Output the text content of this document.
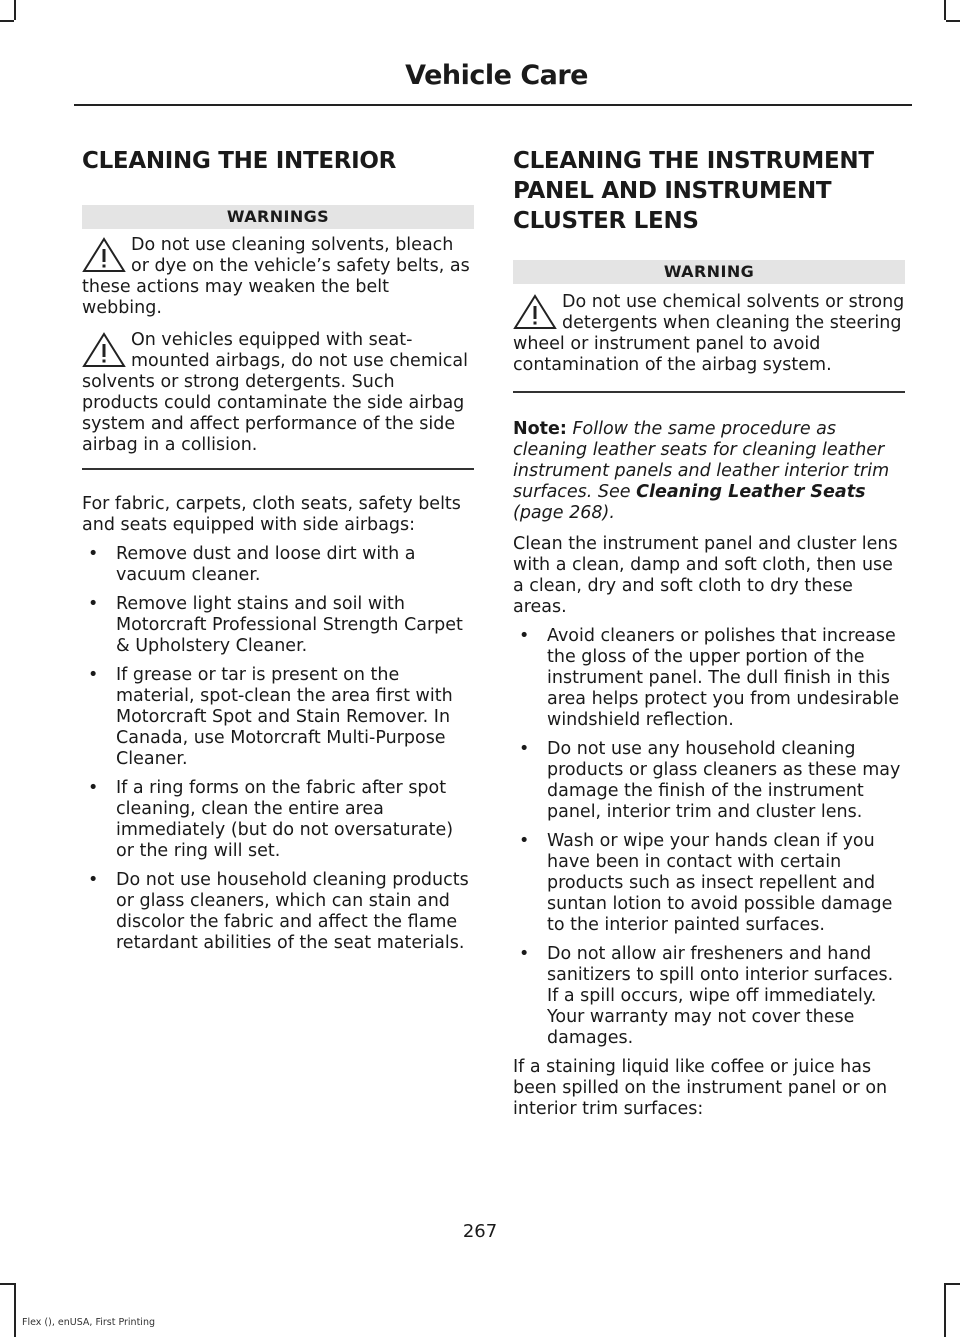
Vehicle Care
CLEANING THE INTERIOR
WARNINGS
Do not use cleaning solvents, bleach or dye on the vehicle’s safety belts, as these actions may weaken the belt webbing.
On vehicles equipped with seat-mounted airbags, do not use chemical solvents or strong detergents. Such products could contaminate the side airbag system and affect performance of the side airbag in a collision.

For fabric, carpets, cloth seats, safety belts and seats equipped with side airbags:

• Remove dust and loose dirt with a vacuum cleaner.
• Remove light stains and soil with Motorcraft Professional Strength Carpet & Upholstery Cleaner.
• If grease or tar is present on the material, spot-clean the area first with Motorcraft Spot and Stain Remover. In Canada, use Motorcraft Multi-Purpose Cleaner.
• If a ring forms on the fabric after spot cleaning, clean the entire area immediately (but do not oversaturate) or the ring will set.
• Do not use household cleaning products or glass cleaners, which can stain and discolor the fabric and affect the flame retardant abilities of the seat materials.
CLEANING THE INSTRUMENT
PANEL AND INSTRUMENT
CLUSTER LENS
WARNING
Do not use chemical solvents or strong detergents when cleaning the steering wheel or instrument panel to avoid contamination of the airbag system.

Note: Follow the same procedure as cleaning leather seats for cleaning leather instrument panels and leather interior trim surfaces. See Cleaning Leather Seats (page 268).

Clean the instrument panel and cluster lens with a clean, damp and soft cloth, then use a clean, dry and soft cloth to dry these areas.

• Avoid cleaners or polishes that increase the gloss of the upper portion of the instrument panel. The dull finish in this area helps protect you from undesirable windshield reflection.
• Do not use any household cleaning products or glass cleaners as these may damage the finish of the instrument panel, interior trim and cluster lens.
• Wash or wipe your hands clean if you have been in contact with certain products such as insect repellent and suntan lotion to avoid possible damage to the interior painted surfaces.
• Do not allow air fresheners and hand sanitizers to spill onto interior surfaces. If a spill occurs, wipe off immediately. Your warranty may not cover these damages.

If a staining liquid like coffee or juice has been spilled on the instrument panel or on interior trim surfaces:

267
Flex (), enUSA, First Printing
